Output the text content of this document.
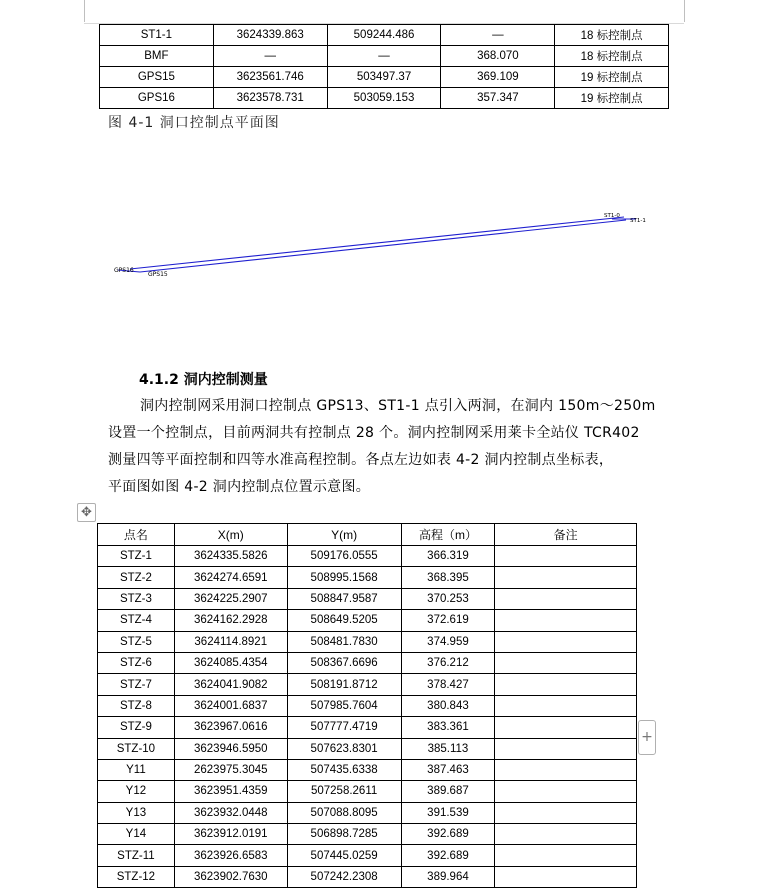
ST1-1	3624339.863	509244.486	—	18 标控制点
BMF	—	—	368.070	18 标控制点
GPS15	3623561.746	503497.37	369.109	19 标控制点
GPS16	3623578.731	503059.153	357.347	19 标控制点
图 4-1 洞口控制点平面图
GPS16
GPS15
ST1-0
ST1-1
4.1.2 洞内控制测量
洞内控制网采用洞口控制点 GPS13、ST1-1 点引入两洞，在洞内 150m～250m
设置一个控制点，目前两洞共有控制点 28 个。洞内控制网采用莱卡全站仪 TCR402
测量四等平面控制和四等水准高程控制。各点左边如表 4-2 洞内控制点坐标表，
平面图如图 4-2 洞内控制点位置示意图。
✥
点名	X(m)	Y(m)	高程（m）	备注
STZ-1	3624335.5826	509176.0555	366.319	
STZ-2	3624274.6591	508995.1568	368.395	
STZ-3	3624225.2907	508847.9587	370.253	
STZ-4	3624162.2928	508649.5205	372.619	
STZ-5	3624114.8921	508481.7830	374.959	
STZ-6	3624085.4354	508367.6696	376.212	
STZ-7	3624041.9082	508191.8712	378.427	
STZ-8	3624001.6837	507985.7604	380.843	
STZ-9	3623967.0616	507777.4719	383.361	
STZ-10	3623946.5950	507623.8301	385.113	
Y11	2623975.3045	507435.6338	387.463	
Y12	3623951.4359	507258.2611	389.687	
Y13	3623932.0448	507088.8095	391.539	
Y14	3623912.0191	506898.7285	392.689	
STZ-11	3623926.6583	507445.0259	392.689	
STZ-12	3623902.7630	507242.2308	389.964	
+
